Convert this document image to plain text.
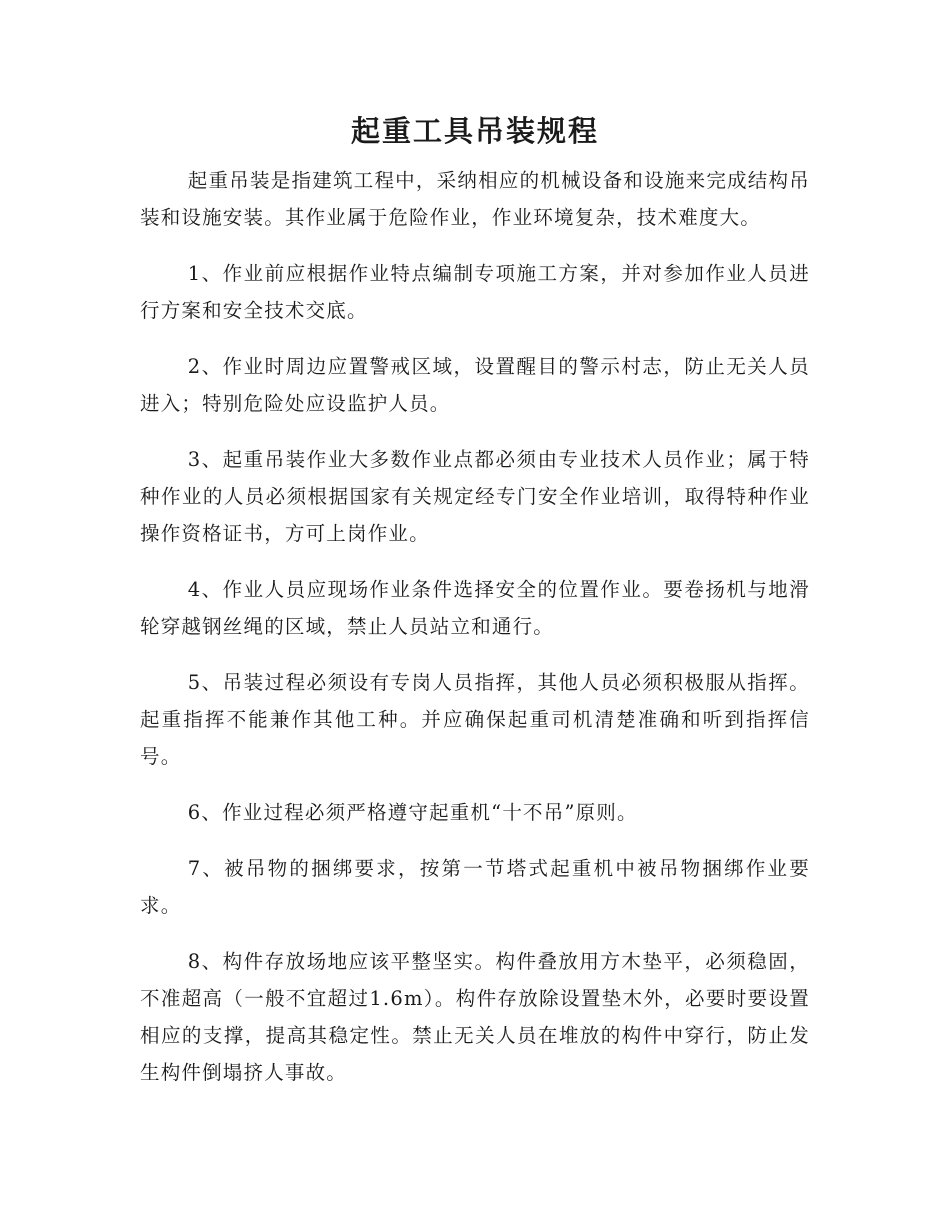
起重工具吊装规程

起重吊装是指建筑工程中，采纳相应的机械设备和设施来完成结构吊装和设施安装。其作业属于危险作业，作业环境复杂，技术难度大。

1、作业前应根据作业特点编制专项施工方案，并对参加作业人员进行方案和安全技术交底。

2、作业时周边应置警戒区域，设置醒目的警示村志，防止无关人员进入；特别危险处应设监护人员。

3、起重吊装作业大多数作业点都必须由专业技术人员作业；属于特种作业的人员必须根据国家有关规定经专门安全作业培训，取得特种作业操作资格证书，方可上岗作业。

4、作业人员应现场作业条件选择安全的位置作业。要卷扬机与地滑轮穿越钢丝绳的区域，禁止人员站立和通行。

5、吊装过程必须设有专岗人员指挥，其他人员必须积极服从指挥。起重指挥不能兼作其他工种。并应确保起重司机清楚准确和听到指挥信号。

6、作业过程必须严格遵守起重机“十不吊”原则。

7、被吊物的捆绑要求，按第一节塔式起重机中被吊物捆绑作业要求。

8、构件存放场地应该平整坚实。构件叠放用方木垫平，必须稳固，不准超高（一般不宜超过1.6m）。构件存放除设置垫木外，必要时要设置相应的支撑，提高其稳定性。禁止无关人员在堆放的构件中穿行，防止发生构件倒塌挤人事故。
